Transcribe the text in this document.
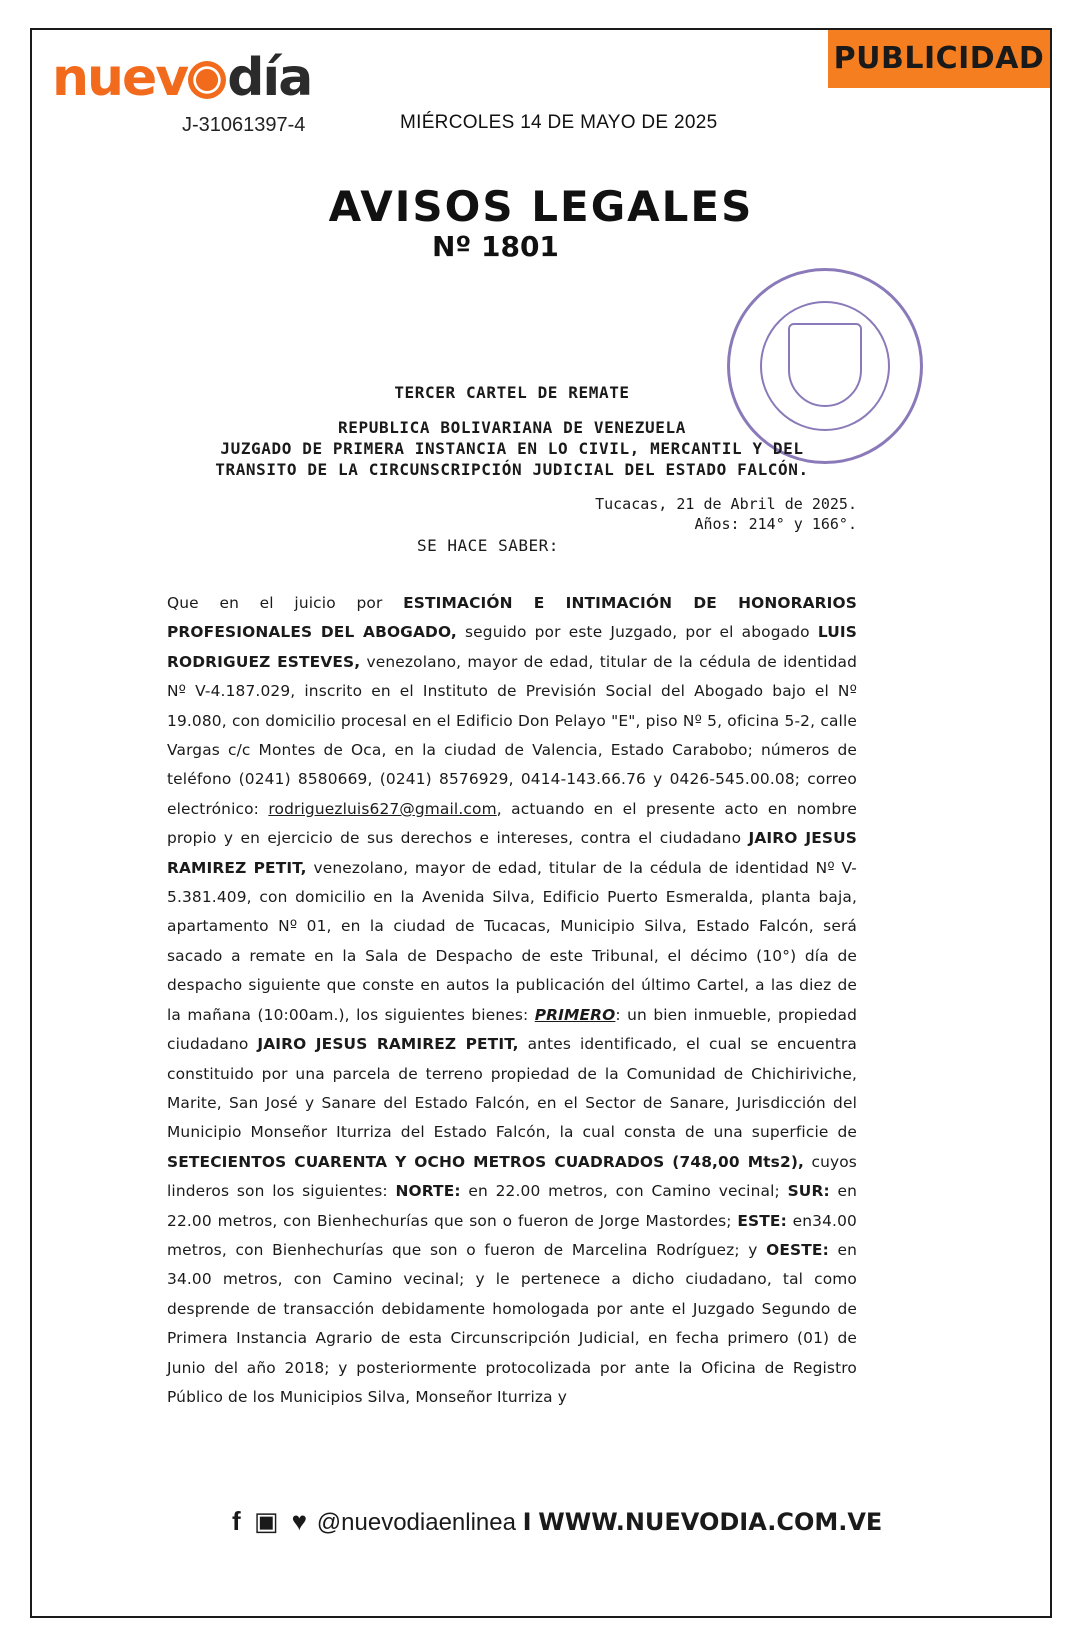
nuev día
J-31061397-4	MIÉRCOLES 14 DE MAYO DE 2025
PUBLICIDAD
AVISOS LEGALES
Nº 1801
TERCER CARTEL DE REMATE
REPUBLICA BOLIVARIANA DE VENEZUELA
JUZGADO DE PRIMERA INSTANCIA EN LO CIVIL, MERCANTIL Y DEL
TRANSITO DE LA CIRCUNSCRIPCIÓN JUDICIAL DEL ESTADO FALCÓN.
Tucacas, 21 de Abril de 2025.
Años: 214° y 166°.
SE HACE SABER:
Que en el juicio por ESTIMACIÓN E INTIMACIÓN DE HONORARIOS PROFESIONALES DEL ABOGADO, seguido por este Juzgado, por el abogado LUIS RODRIGUEZ ESTEVES, venezolano, mayor de edad, titular de la cédula de identidad Nº V-4.187.029, inscrito en el Instituto de Previsión Social del Abogado bajo el Nº 19.080, con domicilio procesal en el Edificio Don Pelayo "E", piso Nº 5, oficina 5-2, calle Vargas c/c Montes de Oca, en la ciudad de Valencia, Estado Carabobo; números de teléfono (0241) 8580669, (0241) 8576929, 0414-143.66.76 y 0426-545.00.08; correo electrónico: rodriguezluis627@gmail.com, actuando en el presente acto en nombre propio y en ejercicio de sus derechos e intereses, contra el ciudadano JAIRO JESUS RAMIREZ PETIT, venezolano, mayor de edad, titular de la cédula de identidad Nº V-5.381.409, con domicilio en la Avenida Silva, Edificio Puerto Esmeralda, planta baja, apartamento Nº 01, en la ciudad de Tucacas, Municipio Silva, Estado Falcón, será sacado a remate en la Sala de Despacho de este Tribunal, el décimo (10°) día de despacho siguiente que conste en autos la publicación del último Cartel, a las diez de la mañana (10:00am.), los siguientes bienes: PRIMERO: un bien inmueble, propiedad ciudadano JAIRO JESUS RAMIREZ PETIT, antes identificado, el cual se encuentra constituido por una parcela de terreno propiedad de la Comunidad de Chichiriviche, Marite, San José y Sanare del Estado Falcón, en el Sector de Sanare, Jurisdicción del Municipio Monseñor Iturriza del Estado Falcón, la cual consta de una superficie de SETECIENTOS CUARENTA Y OCHO METROS CUADRADOS (748,00 Mts2), cuyos linderos son los siguientes: NORTE: en 22.00 metros, con Camino vecinal; SUR: en 22.00 metros, con Bienhechurías que son o fueron de Jorge Mastordes; ESTE: en34.00 metros, con Bienhechurías que son o fueron de Marcelina Rodríguez; y OESTE: en 34.00 metros, con Camino vecinal; y le pertenece a dicho ciudadano, tal como desprende de transacción debidamente homologada por ante el Juzgado Segundo de Primera Instancia Agrario de esta Circunscripción Judicial, en fecha primero (01) de Junio del año 2018; y posteriormente protocolizada por ante la Oficina de Registro Público de los Municipios Silva, Monseñor Iturriza y
f ▣ ♥ @nuevodiaenlinea I WWW.NUEVODIA.COM.VE
